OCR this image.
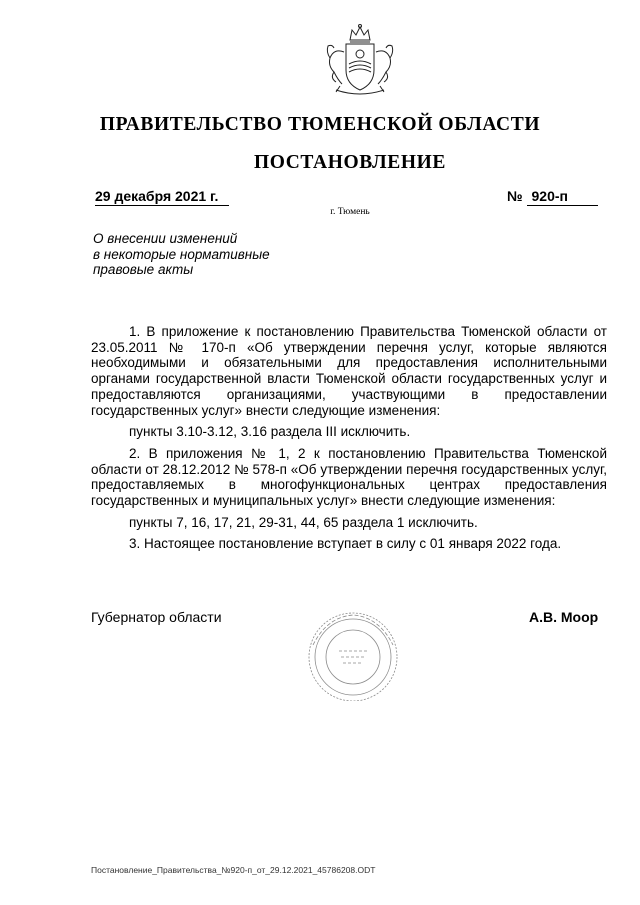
ПРАВИТЕЛЬСТВО ТЮМЕНСКОЙ ОБЛАСТИ
ПОСТАНОВЛЕНИЕ
29 декабря 2021 г.	№ 920-п
г. Тюмень
О внесении изменений
в некоторые нормативные
правовые акты

1. В приложение к постановлению Правительства Тюменской области от 23.05.2011 № 170-п «Об утверждении перечня услуг, которые являются необходимыми и обязательными для предоставления исполнительными органами государственной власти Тюменской области государственных услуг и предоставляются организациями, участвующими в предоставлении государственных услуг» внести следующие изменения:

пункты 3.10-3.12, 3.16 раздела III исключить.

2. В приложения № 1, 2 к постановлению Правительства Тюменской области от 28.12.2012 № 578-п «Об утверждении перечня государственных услуг, предоставляемых в многофункциональных центрах предоставления государственных и муниципальных услуг» внести следующие изменения:

пункты 7, 16, 17, 21, 29-31, 44, 65 раздела 1 исключить.

3. Настоящее постановление вступает в силу с 01 января 2022 года.

Губернатор области	А.В. Моор
Постановление_Правительства_№920-п_от_29.12.2021_45786208.ODT
